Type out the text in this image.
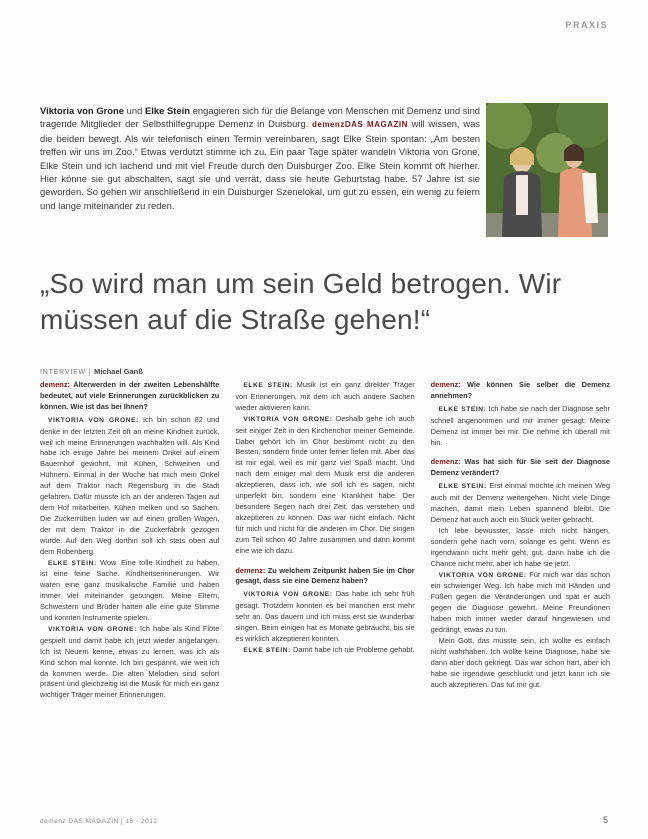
PRAXIS
Viktoria von Grone und Elke Stein engagieren sich für die Belange von Menschen mit Demenz und sind tragende Mitglieder der Selbsthilfegruppe Demenz in Duisburg. demenzDAS MAGAZIN will wissen, was die beiden bewegt. Als wir telefonisch einen Termin vereinbaren, sagt Elke Stein spontan: „Am besten treffen wir uns im Zoo.“ Etwas verdutzt stimme ich zu. Ein paar Tage später wandeln Viktoria von Grone, Elke Stein und ich lachend und mit viel Freude durch den Duisburger Zoo. Elke Stein kommt oft hierher. Hier könne sie gut abschalten, sagt sie und verrät, dass sie heute Geburtstag habe. 57 Jahre ist sie geworden. So gehen wir anschließend in ein Duisburger Szenelokal, um gut zu essen, ein wenig zu feiern und lange miteinander zu reden.
„So wird man um sein Geld betrogen. Wir müssen auf die Straße gehen!“
INTERVIEW | Michael Ganß

demenz: Älterwerden in der zweiten Lebenshälfte bedeutet, auf viele Erinnerungen zurückblicken zu können. Wie ist das bei Ihnen?

VIKTORIA VON GRONE: Ich bin schon 82 und denke in der letzten Zeit oft an meine Kindheit zurück, weil ich meine Erinnerungen wachhalten will. Als Kind habe ich einige Jahre bei meinem Onkel auf einem Bauernhof gewohnt, mit Kühen, Schweinen und Hühnern. Einmal in der Woche hat mich mein Onkel auf dem Traktor nach Regensburg in die Stadt gefahren. Dafür musste ich an der anderen Tagen auf dem Hof mitarbeiten. Kühen melken und so Sachen. Die Zuckerrüben luden wir auf einen großen Wagen, der mit dem Traktor in die Zuckerfabrik gezogen wurde. Auf den Weg dorthin soll ich stets oben auf dem Rübenberg.

ELKE STEIN: Wow. Eine tolle Kindheit zu haben, ist eine feine Sache. Kindheitserinnerungen. Wir waren eine ganz musikalische Familie und haben immer viel miteinander gesungen. Meine Eltern, Schwestern und Brüder hatten alle eine gute Stimme und konnten Instrumente spielen.

VIKTORIA VON GRONE: Ich habe als Kind Flöte gespielt und damit habe ich jetzt wieder angefangen. Ich ist Neuem kenne, etwas zu lernen, was ich als Kind schon mal konnte. Ich bin gespannt, wie weit ich da kommen werde. Die alten Melodien sind sofort präsent und gleichzeitig ist die Musik für mich ein ganz wichtiger Träger meiner Erinnerungen.

ELKE STEIN: Musik ist ein ganz direkter Träger von Erinnerungen, mit dem ich auch andere Sachen wieder aktivieren kann.

VIKTORIA VON GRONE: Deshalb gehe ich auch seit einiger Zeit in den Kirchenchor meiner Gemeinde. Dabei gehört ich im Chor bestimmt nicht zu den Besten, sondern finde unter ferner liefen mit. Aber das ist mir egal, weil es mir ganz viel Spaß macht. Und nach dem einiger mal dem Musik erst die anderen akzeptieren, dass ich, wie soll ich es sagen, nicht unperfekt bin, sondern eine Krankheit habe. Der besondere Segen nach drei Zeit, das verstehen und akzeptieren zu können. Das war nicht einfach. Nicht für mich und nicht für die anderen im Chor. Die singen zum Teil schon 40 Jahre zusammen und dann kommt eine wie ich dazu.

demenz: Zu welchem Zeitpunkt haben Sie im Chor gesagt, dass sie eine Demenz haben?

VIKTORIA VON GRONE: Das habe ich sehr früh gesagt. Trotzdem konnten es bei manchen erst mehr sehr an. Das dauern und ich muss erst sie wunderbar singen. Beim einigen hat es Monate gebraucht, bis sie es wirklich akzeptieren konnten.

ELKE STEIN: Damit habe ich nie Probleme gehabt.

demenz: Wie können Sie selber die Demenz annehmen?

ELKE STEIN: Ich habe sie nach der Diagnose sehr schnell angenommen und mir immer gesagt: Meine Demenz ist immer bei mir. Die nehme ich überall mit hin.

demenz: Was hat sich für Sie seit der Diagnose Demenz verändert?

ELKE STEIN: Erst einmal möchte ich meinen Weg auch mit der Demenz weitergehen. Nicht viele Dinge machen, damit mein Leben spannend bleibt. Die Demenz hat auch auch ein Stück weiter gebracht.

Ich lebe bewusster, lasse mich nicht hängen, sondern gehe nach vorn, solange es geht. Wenn es irgendwann nicht mehr geht, gut, dann habe ich die Chance nicht mehr, aber ich habe sie jetzt.

VIKTORIA VON GRONE: Für mich war das schon ein schwieriger Weg. Ich habe mich mit Händen und Füßen gegen die Veränderungen und spät er auch gegen die Diagnose gewehrt. Meine Freundinnen haben mich immer wieder darauf hingewiesen und gedrängt, etwas zu tun.

Mein Gott, das musste sein, ich wollte es einfach nicht wahrhaben. Ich wollte keine Diagnose, habe sie dann aber doch gekriegt. Das war schon hart, aber ich habe sie irgendwie geschluckt und jetzt kann ich sie auch akzeptieren. Das tut mir gut.

demenz DAS MAGAZIN | 15 · 2012	5
